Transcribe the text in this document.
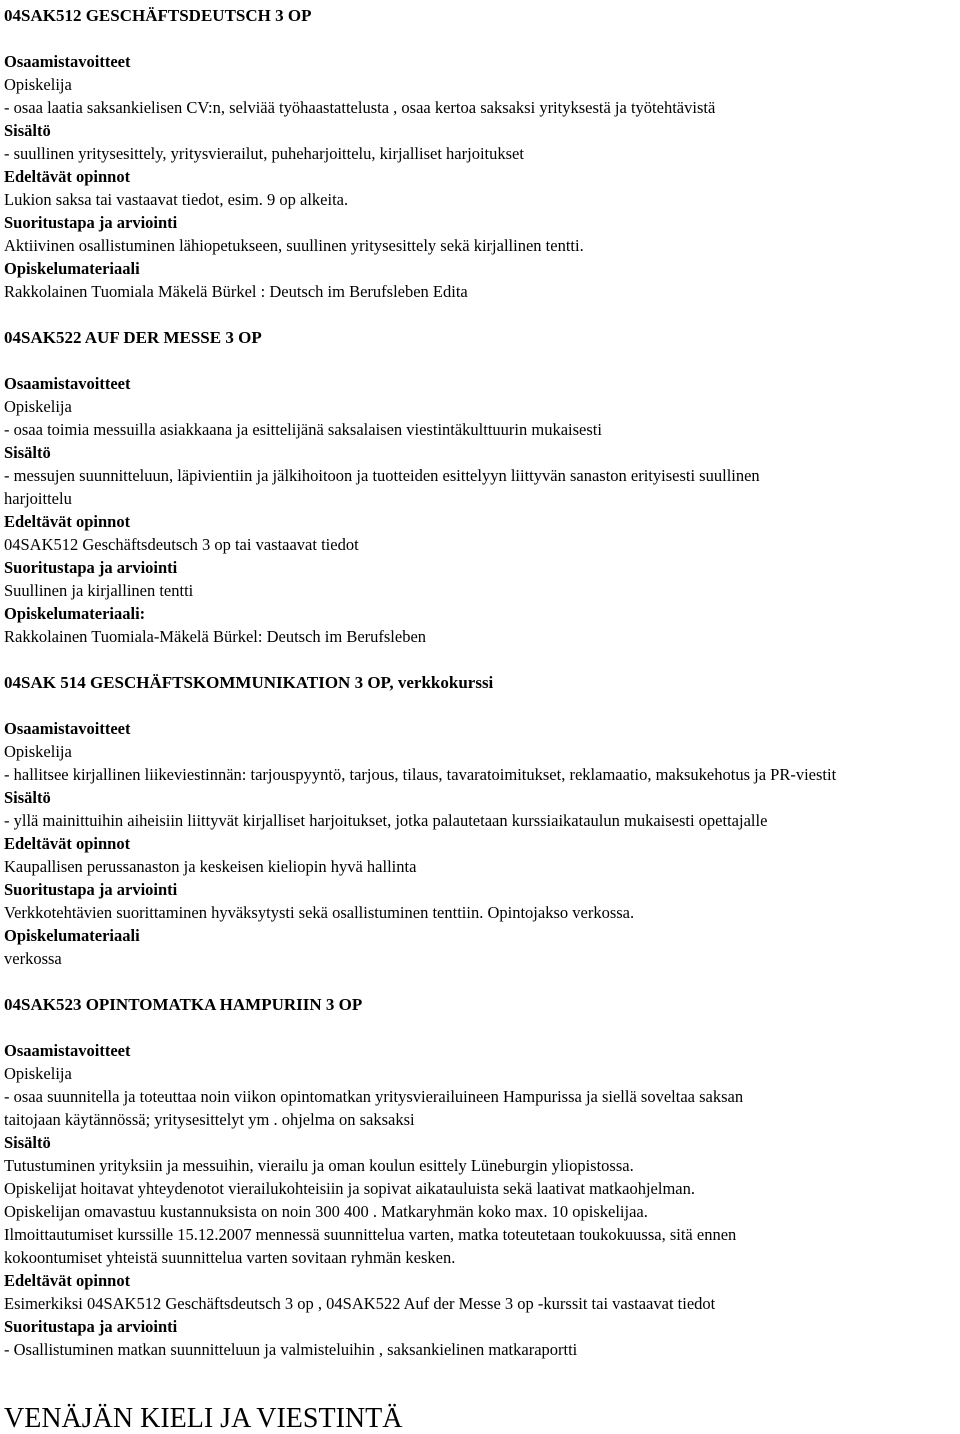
04SAK512 GESCHÄFTSDEUTSCH 3 OP
Osaamistavoitteet
Opiskelija
- osaa laatia saksankielisen CV:n, selviää työhaastattelusta , osaa kertoa saksaksi yrityksestä ja työtehtävistä
Sisältö
- suullinen yritysesittely, yritysvierailut, puheharjoittelu, kirjalliset harjoitukset
Edeltävät opinnot
Lukion saksa tai vastaavat tiedot, esim. 9 op alkeita.
Suoritustapa ja arviointi
Aktiivinen osallistuminen lähiopetukseen, suullinen yritysesittely sekä kirjallinen tentti.
Opiskelumateriaali
Rakkolainen Tuomiala Mäkelä Bürkel : Deutsch im Berufsleben Edita
04SAK522 AUF DER MESSE 3 OP
Osaamistavoitteet
Opiskelija
- osaa toimia messuilla asiakkaana ja esittelijänä saksalaisen viestintäkulttuurin mukaisesti
Sisältö
- messujen suunnitteluun, läpivientiin ja jälkihoitoon ja tuotteiden esittelyyn liittyvän sanaston erityisesti suullinen
harjoittelu
Edeltävät opinnot
04SAK512 Geschäftsdeutsch 3 op tai vastaavat tiedot
Suoritustapa ja arviointi
Suullinen ja kirjallinen tentti
Opiskelumateriaali:
Rakkolainen Tuomiala-Mäkelä Bürkel: Deutsch im Berufsleben
04SAK 514 GESCHÄFTSKOMMUNIKATION 3 OP, verkkokurssi
Osaamistavoitteet
Opiskelija
- hallitsee kirjallinen liikeviestinnän: tarjouspyyntö, tarjous, tilaus, tavaratoimitukset, reklamaatio, maksukehotus ja PR-viestit
Sisältö
- yllä mainittuihin aiheisiin liittyvät kirjalliset harjoitukset, jotka palautetaan kurssiaikataulun mukaisesti opettajalle
Edeltävät opinnot
Kaupallisen perussanaston ja keskeisen kieliopin hyvä hallinta
Suoritustapa ja arviointi
Verkkotehtävien suorittaminen hyväksytysti sekä osallistuminen tenttiin. Opintojakso verkossa.
Opiskelumateriaali
verkossa
04SAK523 OPINTOMATKA HAMPURIIN 3 OP
Osaamistavoitteet
Opiskelija
- osaa suunnitella ja toteuttaa noin viikon opintomatkan yritysvierailuineen Hampurissa ja siellä soveltaa saksan
taitojaan käytännössä; yritysesittelyt ym . ohjelma on saksaksi
Sisältö
Tutustuminen yrityksiin ja messuihin, vierailu ja oman koulun esittely Lüneburgin yliopistossa.
Opiskelijat hoitavat yhteydenotot vierailukohteisiin ja sopivat aikatauluista sekä laativat matkaohjelman.
Opiskelijan omavastuu kustannuksista on noin 300 400 . Matkaryhmän koko max. 10 opiskelijaa.
Ilmoittautumiset kurssille 15.12.2007 mennessä suunnittelua varten, matka toteutetaan toukokuussa, sitä ennen
kokoontumiset yhteistä suunnittelua varten sovitaan ryhmän kesken.
Edeltävät opinnot
Esimerkiksi 04SAK512 Geschäftsdeutsch 3 op , 04SAK522 Auf der Messe 3 op -kurssit tai vastaavat tiedot
Suoritustapa ja arviointi
- Osallistuminen matkan suunnitteluun ja valmisteluihin , saksankielinen matkaraportti
VENÄJÄN KIELI JA VIESTINTÄ
